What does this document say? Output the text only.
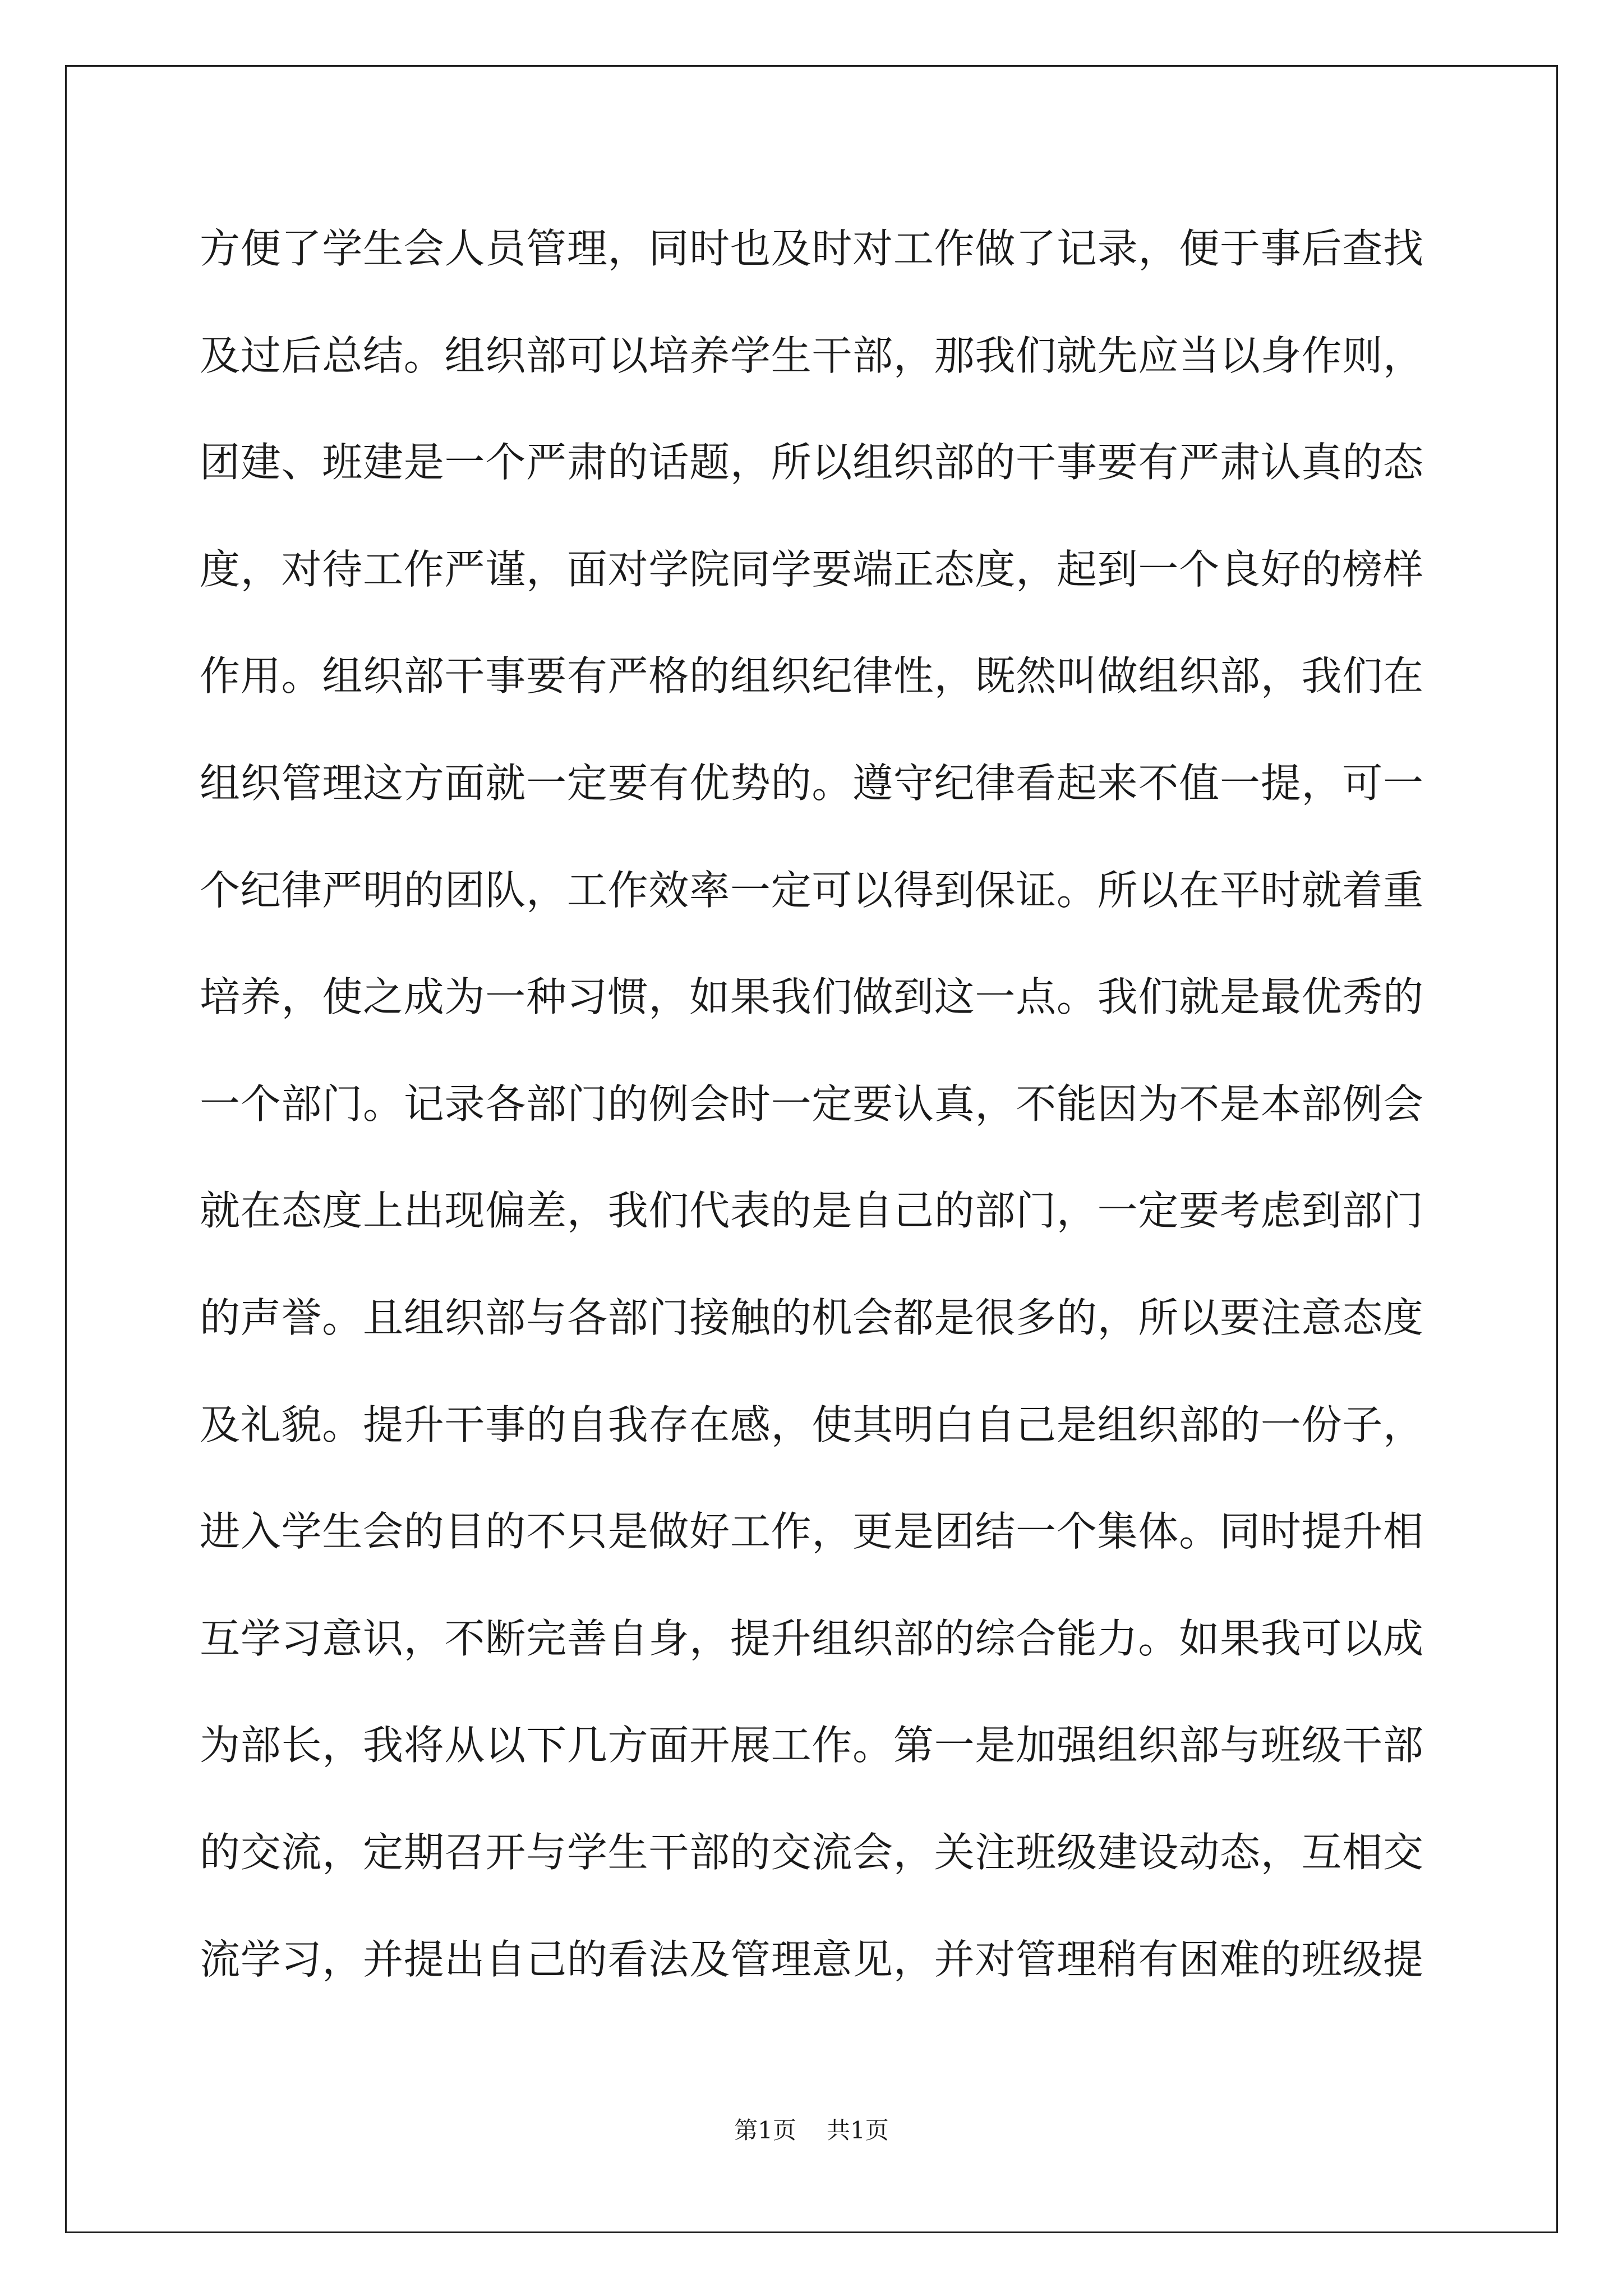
方便了学生会人员管理，同时也及时对工作做了记录，便于事后查找
及过后总结。组织部可以培养学生干部，那我们就先应当以身作则，
团建、班建是一个严肃的话题，所以组织部的干事要有严肃认真的态
度，对待工作严谨，面对学院同学要端正态度，起到一个良好的榜样
作用。组织部干事要有严格的组织纪律性，既然叫做组织部，我们在
组织管理这方面就一定要有优势的。遵守纪律看起来不值一提，可一
个纪律严明的团队，工作效率一定可以得到保证。所以在平时就着重
培养，使之成为一种习惯，如果我们做到这一点。我们就是最优秀的
一个部门。记录各部门的例会时一定要认真，不能因为不是本部例会
就在态度上出现偏差，我们代表的是自己的部门，一定要考虑到部门
的声誉。且组织部与各部门接触的机会都是很多的，所以要注意态度
及礼貌。提升干事的自我存在感，使其明白自己是组织部的一份子，
进入学生会的目的不只是做好工作，更是团结一个集体。同时提升相
互学习意识，不断完善自身，提升组织部的综合能力。如果我可以成
为部长，我将从以下几方面开展工作。第一是加强组织部与班级干部
的交流，定期召开与学生干部的交流会，关注班级建设动态，互相交
流学习，并提出自己的看法及管理意见，并对管理稍有困难的班级提
第1页 共1页
